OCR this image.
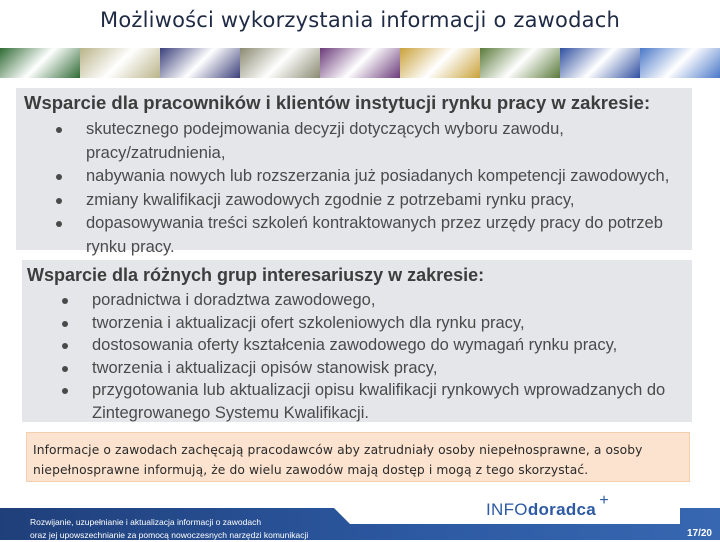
Możliwości wykorzystania informacji o zawodach
Wsparcie dla pracowników i klientów instytucji rynku pracy w zakresie:
skutecznego podejmowania decyzji dotyczących wyboru zawodu, pracy/zatrudnienia,
nabywania nowych lub rozszerzania już posiadanych kompetencji zawodowych,
zmiany kwalifikacji zawodowych zgodnie z potrzebami rynku pracy,
dopasowywania treści szkoleń kontraktowanych przez urzędy pracy do potrzeb rynku pracy.
Wsparcie dla różnych grup interesariuszy w zakresie:
poradnictwa i doradztwa zawodowego,
tworzenia i aktualizacji ofert szkoleniowych dla rynku pracy,
dostosowania oferty kształcenia zawodowego do wymagań rynku pracy,
tworzenia i aktualizacji opisów stanowisk pracy,
przygotowania lub aktualizacji opisu kwalifikacji rynkowych wprowadzanych do Zintegrowanego Systemu Kwalifikacji.
Informacje o zawodach zachęcają pracodawców aby zatrudniały osoby niepełnosprawne, a osoby niepełnosprawne informują, że do wielu zawodów mają dostęp i mogą z tego skorzystać.
Rozwijanie, uzupełnianie i aktualizacja informacji o zawodach
oraz jej upowszechnianie za pomocą nowoczesnych narzędzi komunikacji
INFOdoradca +
17/20
